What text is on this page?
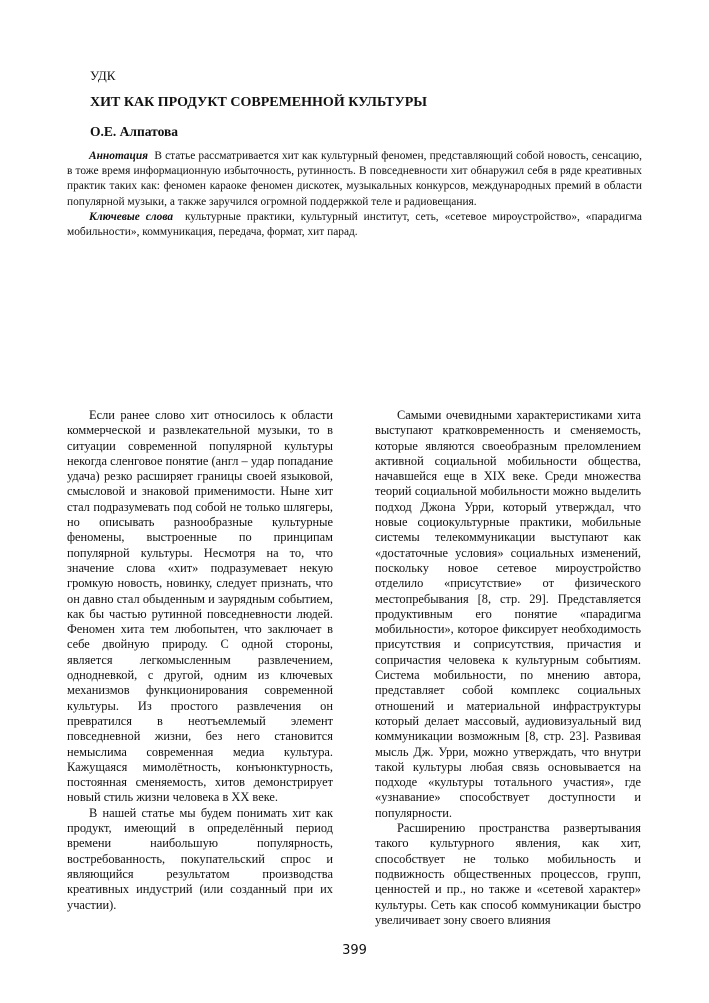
УДК
ХИТ КАК ПРОДУКТ СОВРЕМЕННОЙ КУЛЬТУРЫ
О.Е. Алпатова

Аннотация В статье рассматривается хит как культурный феномен, представляющий собой новость, сенсацию, в тоже время информационную избыточность, рутинность. В повседневности хит обнаружил себя в ряде креативных практик таких как: феномен караоке феномен дискотек, музыкальных конкурсов, международных премий в области популярной музыки, а также заручился огромной поддержкой теле и радиовещания.

Ключевые слова культурные практики, культурный институт, сеть, «сетевое мироустройство», «парадигма мобильности», коммуникация, передача, формат, хит парад.

Если ранее слово хит относилось к области коммерческой и развлекательной музыки, то в ситуации современной популярной культуры некогда сленговое понятие (англ – удар попадание удача) резко расширяет границы своей языковой, смысловой и знаковой применимости. Ныне хит стал подразумевать под собой не только шлягеры, но описывать разнообразные культурные феномены, выстроенные по принципам популярной культуры. Несмотря на то, что значение слова «хит» подразумевает некую громкую новость, новинку, следует признать, что он давно стал обыденным и заурядным событием, как бы частью рутинной повседневности людей. Феномен хита тем любопытен, что заключает в себе двойную природу. С одной стороны, является легкомысленным развлечением, однодневкой, с другой, одним из ключевых механизмов функционирования современной культуры. Из простого развлечения он превратился в неотъемлемый элемент повседневной жизни, без него становится немыслима современная медиа культура. Кажущаяся мимолётность, конъюнктурность, постоянная сменяемость, хитов демонстрирует новый стиль жизни человека в XX веке.

В нашей статье мы будем понимать хит как продукт, имеющий в определённый период времени наибольшую популярность, востребованность, покупательский спрос и являющийся результатом производства креативных индустрий (или созданный при их участии).

Самыми очевидными характеристиками хита выступают кратковременность и сменяемость, которые являются своеобразным преломлением активной социальной мобильности общества, начавшейся еще в XIX веке. Среди множества теорий социальной мобильности можно выделить подход Джона Урри, который утверждал, что новые социокультурные практики, мобильные системы телекоммуникации выступают как «достаточные условия» социальных изменений, поскольку новое сетевое мироустройство отделило «присутствие» от физического местопребывания [8, стр. 29]. Представляется продуктивным его понятие «парадигма мобильности», которое фиксирует необходимость присутствия и соприсутствия, причастия и сопричастия человека к культурным событиям. Система мобильности, по мнению автора, представляет собой комплекс социальных отношений и материальной инфраструктуры который делает массовый, аудиовизуальный вид коммуникации возможным [8, стр. 23]. Развивая мысль Дж. Урри, можно утверждать, что внутри такой культуры любая связь основывается на подходе «культуры тотального участия», где «узнавание» способствует доступности и популярности.

Расширению пространства развертывания такого культурного явления, как хит, способствует не только мобильность и подвижность общественных процессов, групп, ценностей и пр., но также и «сетевой характер» культуры. Сеть как способ коммуникации быстро увеличивает зону своего влияния

399
